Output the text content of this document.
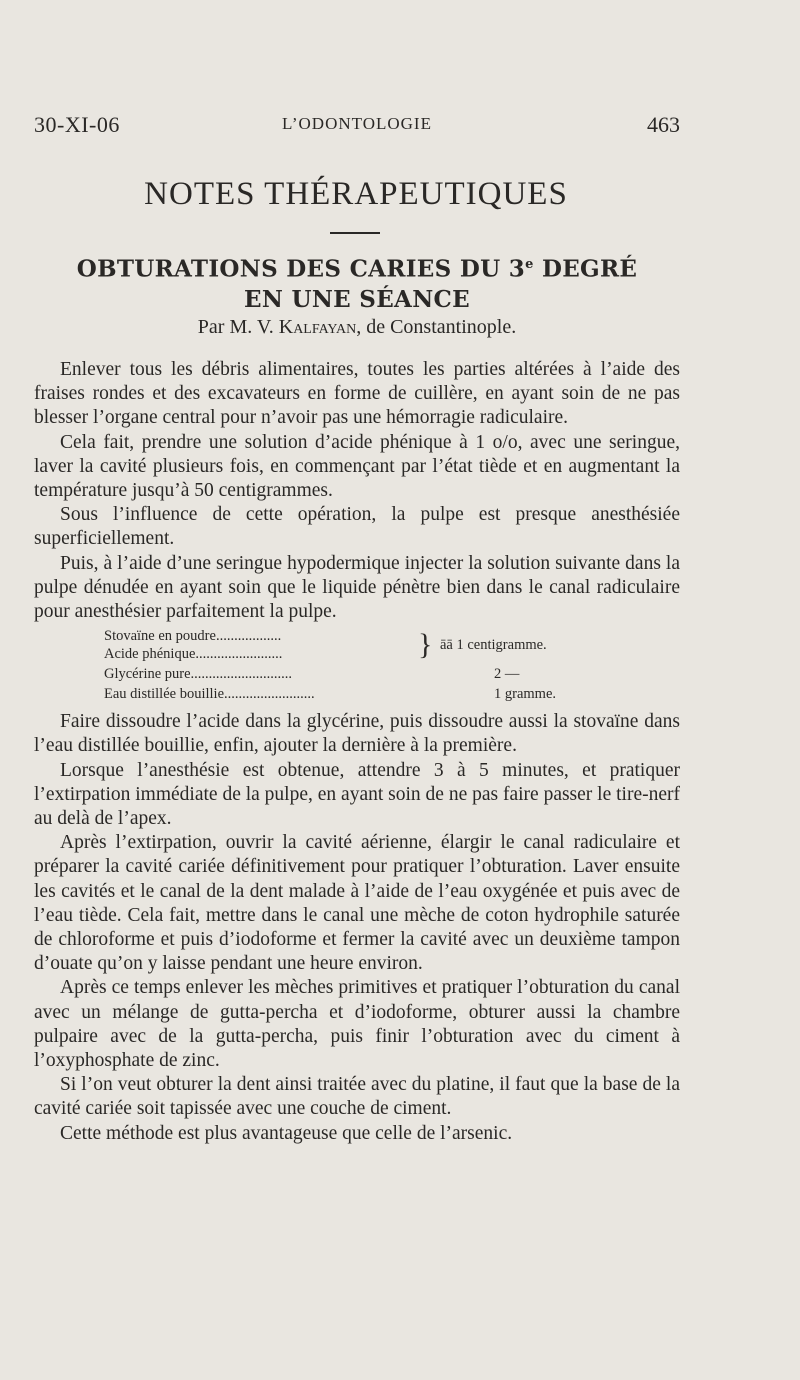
30-XI-06	L’ODONTOLOGIE	463
NOTES THÉRAPEUTIQUES
OBTURATIONS DES CARIES DU 3e DEGRÉ
EN UNE SÉANCE
Par M. V. Kalfayan, de Constantinople.

Enlever tous les débris alimentaires, toutes les parties altérées à l’aide des fraises rondes et des excavateurs en forme de cuillère, en ayant soin de ne pas blesser l’organe central pour n’avoir pas une hémorragie radiculaire.

Cela fait, prendre une solution d’acide phénique à 1 o/o, avec une seringue, laver la cavité plusieurs fois, en commençant par l’état tiède et en augmentant la température jusqu’à 50 centigrammes.

Sous l’influence de cette opération, la pulpe est presque anesthésiée superficiellement.

Puis, à l’aide d’une seringue hypodermique injecter la solution suivante dans la pulpe dénudée en ayant soin que le liquide pénètre bien dans le canal radiculaire pour anesthésier parfaitement la pulpe.

Stovaïne en poudre..................
Acide phénique........................	} āā 1 centigramme.
Glycérine pure............................	2 —
Eau distillée bouillie.........................	1 gramme.

Faire dissoudre l’acide dans la glycérine, puis dissoudre aussi la stovaïne dans l’eau distillée bouillie, enfin, ajouter la dernière à la première.

Lorsque l’anesthésie est obtenue, attendre 3 à 5 minutes, et pratiquer l’extirpation immédiate de la pulpe, en ayant soin de ne pas faire passer le tire-nerf au delà de l’apex.

Après l’extirpation, ouvrir la cavité aérienne, élargir le canal radiculaire et préparer la cavité cariée définitivement pour pratiquer l’obturation. Laver ensuite les cavités et le canal de la dent malade à l’aide de l’eau oxygénée et puis avec de l’eau tiède. Cela fait, mettre dans le canal une mèche de coton hydrophile saturée de chloroforme et puis d’iodoforme et fermer la cavité avec un deuxième tampon d’ouate qu’on y laisse pendant une heure environ.

Après ce temps enlever les mèches primitives et pratiquer l’obturation du canal avec un mélange de gutta-percha et d’iodoforme, obturer aussi la chambre pulpaire avec de la gutta-percha, puis finir l’obturation avec du ciment à l’oxyphosphate de zinc.

Si l’on veut obturer la dent ainsi traitée avec du platine, il faut que la base de la cavité cariée soit tapissée avec une couche de ciment.

Cette méthode est plus avantageuse que celle de l’arsenic.
